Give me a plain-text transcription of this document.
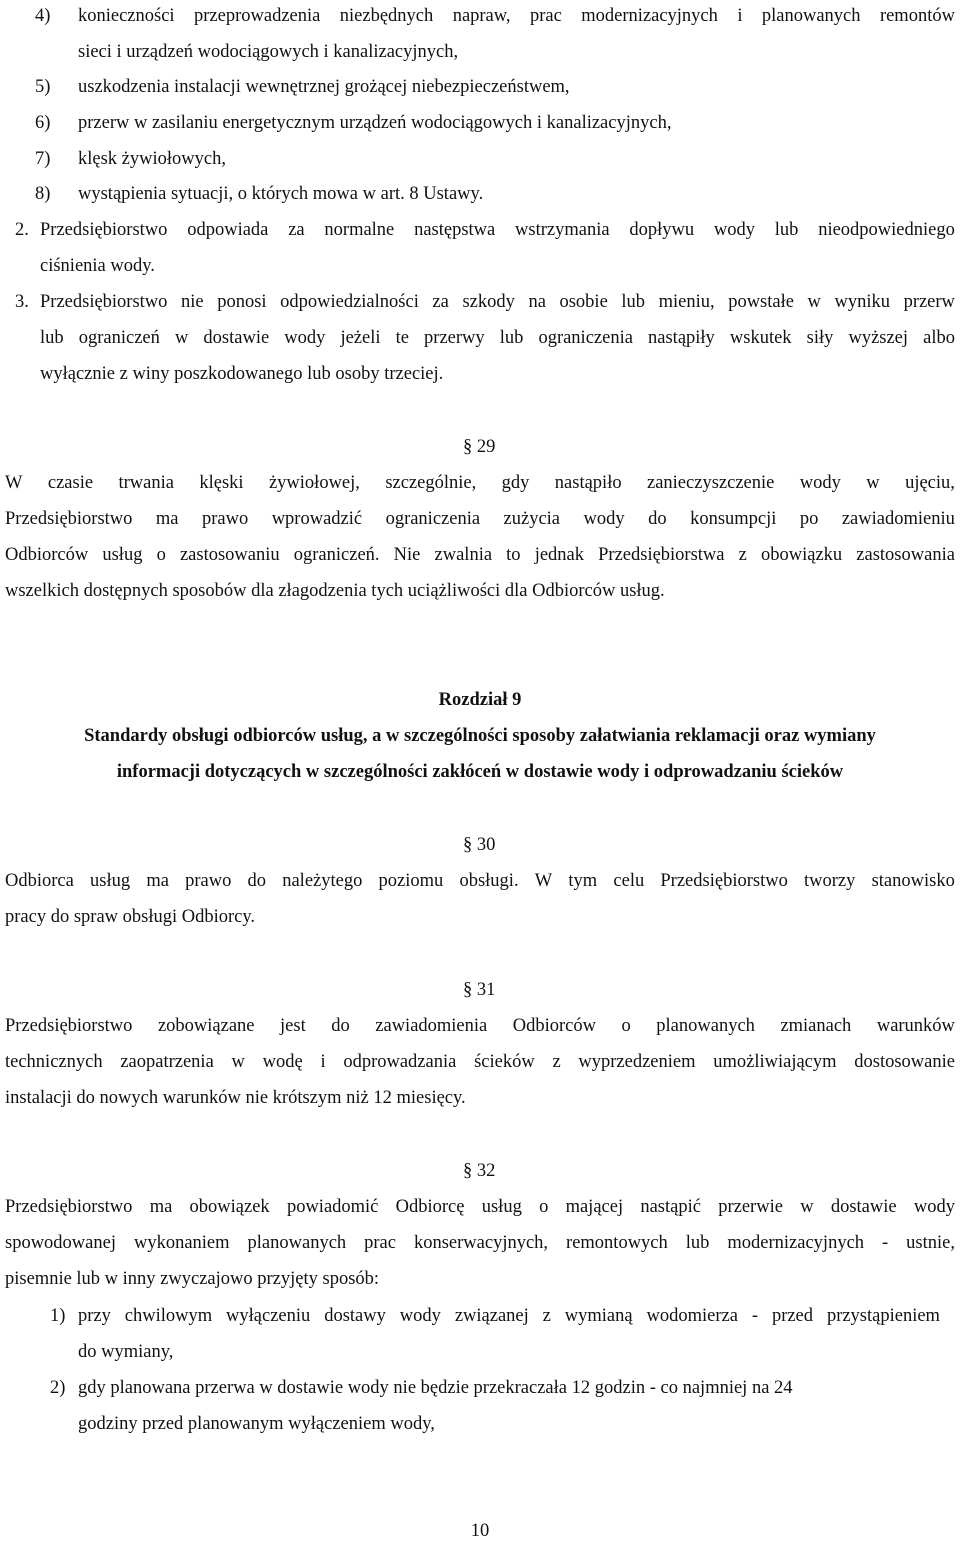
4) konieczności przeprowadzenia niezbędnych napraw, prac modernizacyjnych i planowanych remontów
sieci i urządzeń wodociągowych i kanalizacyjnych,
5) uszkodzenia instalacji wewnętrznej grożącej niebezpieczeństwem,
6) przerw w zasilaniu energetycznym urządzeń wodociągowych i kanalizacyjnych,
7) klęsk żywiołowych,
8) wystąpienia sytuacji, o których mowa w art. 8 Ustawy.
2. Przedsiębiorstwo odpowiada za normalne następstwa wstrzymania dopływu wody lub nieodpowiedniego
ciśnienia wody.
3. Przedsiębiorstwo nie ponosi odpowiedzialności za szkody na osobie lub mieniu, powstałe w wyniku przerw
lub ograniczeń w dostawie wody jeżeli te przerwy lub ograniczenia nastąpiły wskutek siły wyższej albo
wyłącznie z winy poszkodowanego lub osoby trzeciej.
§ 29
W czasie trwania klęski żywiołowej, szczególnie, gdy nastąpiło zanieczyszczenie wody w ujęciu,
Przedsiębiorstwo ma prawo wprowadzić ograniczenia zużycia wody do konsumpcji po zawiadomieniu
Odbiorców usług o zastosowaniu ograniczeń. Nie zwalnia to jednak Przedsiębiorstwa z obowiązku zastosowania
wszelkich dostępnych sposobów dla złagodzenia tych uciążliwości dla Odbiorców usług.
Rozdział 9
Standardy obsługi odbiorców usług, a w szczególności sposoby załatwiania reklamacji oraz wymiany
informacji dotyczących w szczególności zakłóceń w dostawie wody i odprowadzaniu ścieków
§ 30
Odbiorca usług ma prawo do należytego poziomu obsługi. W tym celu Przedsiębiorstwo tworzy stanowisko
pracy do spraw obsługi Odbiorcy.
§ 31
Przedsiębiorstwo zobowiązane jest do zawiadomienia Odbiorców o planowanych zmianach warunków
technicznych zaopatrzenia w wodę i odprowadzania ścieków z wyprzedzeniem umożliwiającym dostosowanie
instalacji do nowych warunków nie krótszym niż 12 miesięcy.
§ 32
Przedsiębiorstwo ma obowiązek powiadomić Odbiorcę usług o mającej nastąpić przerwie w dostawie wody
spowodowanej wykonaniem planowanych prac konserwacyjnych, remontowych lub modernizacyjnych - ustnie,
pisemnie lub w inny zwyczajowo przyjęty sposób:
1) przy chwilowym wyłączeniu dostawy wody związanej z wymianą wodomierza - przed przystąpieniem
do wymiany,
2) gdy planowana przerwa w dostawie wody nie będzie przekraczała 12 godzin - co najmniej na 24
godziny przed planowanym wyłączeniem wody,
10
